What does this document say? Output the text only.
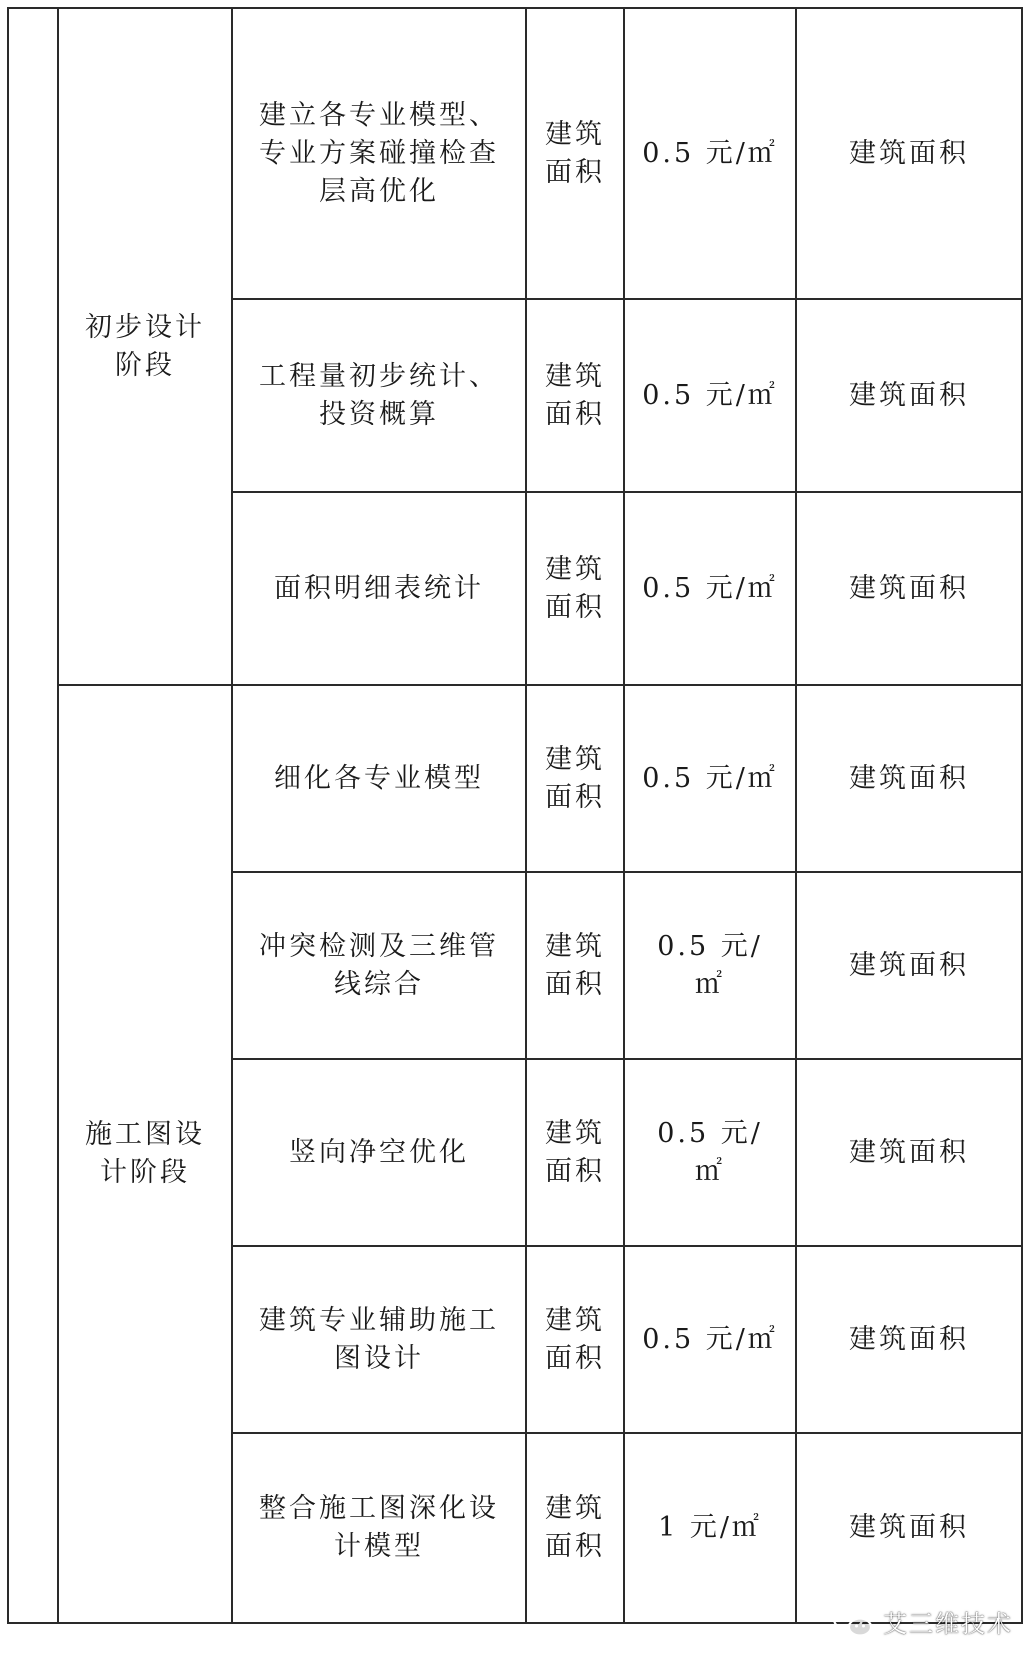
	初步设计阶段	建立各专业模型、专业方案碰撞检查层高优化	建筑面积	0.5 元/㎡	建筑面积
		工程量初步统计、投资概算	建筑面积	0.5 元/㎡	建筑面积
		面积明细表统计	建筑面积	0.5 元/㎡	建筑面积
	施工图设计阶段	细化各专业模型	建筑面积	0.5 元/㎡	建筑面积
		冲突检测及三维管线综合	建筑面积	0.5 元/ ㎡	建筑面积
		竖向净空优化	建筑面积	0.5 元/ ㎡	建筑面积
		建筑专业辅助施工图设计	建筑面积	0.5 元/㎡	建筑面积
		整合施工图深化设计模型	建筑面积	1 元/㎡	建筑面积
艾三维技术
